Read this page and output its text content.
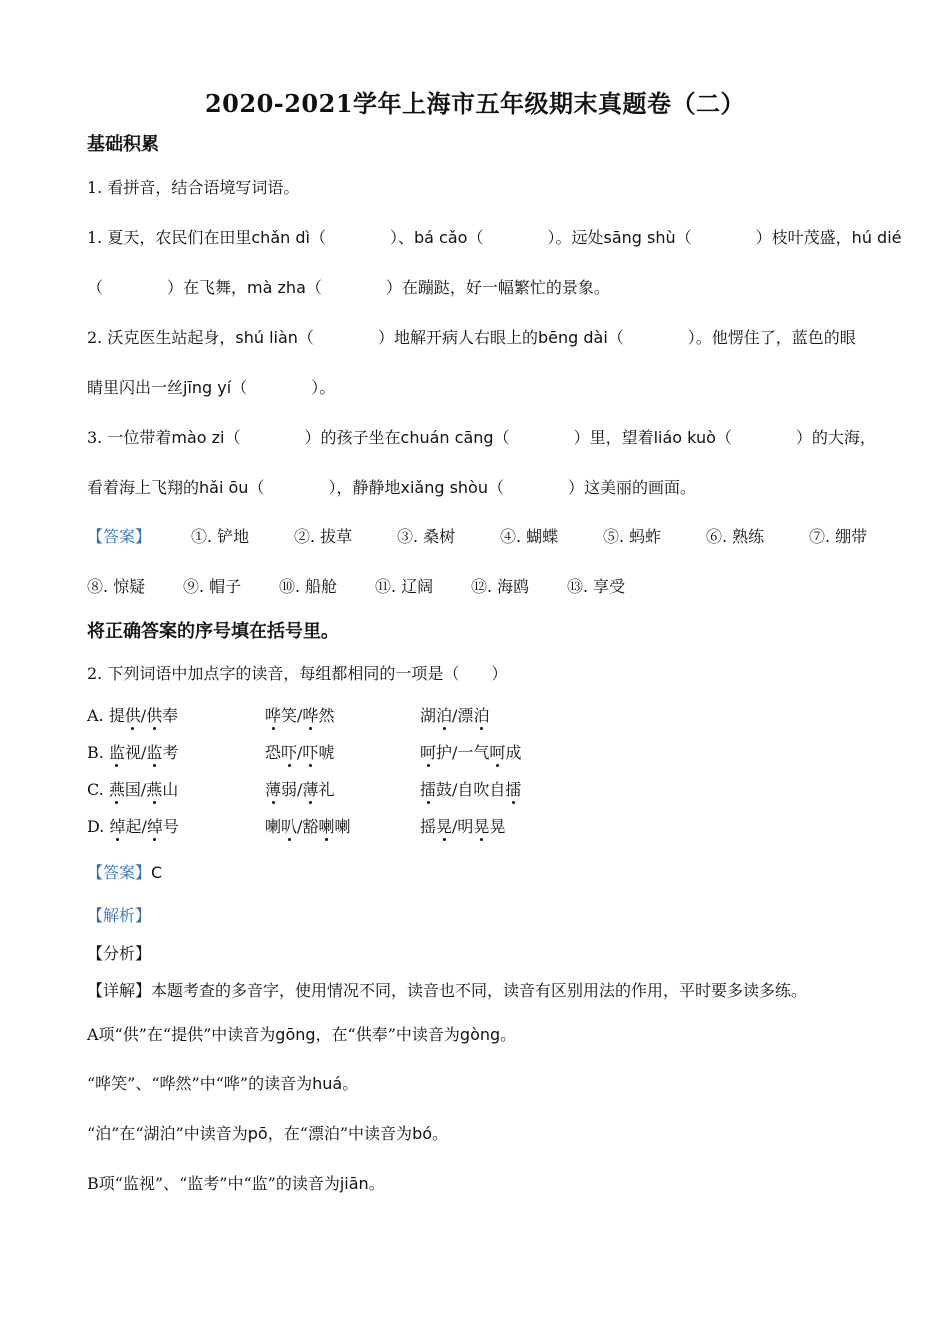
2020-2021学年上海市五年级期末真题卷（二）
基础积累
1. 看拼音，结合语境写词语。
1. 夏天，农民们在田里chǎn dì（	）、bá cǎo（	）。远处sāng shù（	）枝叶茂盛，hú dié
（	）在飞舞，mà zha（	）在蹦跶，好一幅繁忙的景象。
2. 沃克医生站起身，shú liàn（	）地解开病人右眼上的bēng dài（	）。他愣住了，蓝色的眼
睛里闪出一丝jīng yí（	）。
3. 一位带着mào zi（	）的孩子坐在chuán cāng（	）里，望着liáo kuò（	）的大海，
看着海上飞翔的hǎi ōu（	），静静地xiǎng shòu（	）这美丽的画面。
【答案】 ①. 铲地	②. 拔草	③. 桑树	④. 蝴蝶	⑤. 蚂蚱	⑥. 熟练	⑦. 绷带
⑧. 惊疑 ⑨. 帽子 ⑩. 船舱 ⑪. 辽阔 ⑫. 海鸥 ⑬. 享受
将正确答案的序号填在括号里。
2. 下列词语中加点字的读音，每组都相同的一项是（　　）
A. 提供/供奉	哗笑/哗然	湖泊/漂泊
B. 监视/监考	恐吓/吓唬	呵护/一气呵成
C. 燕国/燕山	薄弱/薄礼	擂鼓/自吹自擂
D. 绰起/绰号	喇叭/豁喇喇	摇晃/明晃晃
【答案】C
【解析】
【分析】
【详解】本题考查的多音字，使用情况不同，读音也不同，读音有区别用法的作用，平时要多读多练。
A项“供”在“提供”中读音为gōng，在“供奉”中读音为gòng。
“哗笑”、“哗然”中“哗”的读音为huá。
“泊”在“湖泊”中读音为pō，在“漂泊”中读音为bó。
B项“监视”、“监考”中“监”的读音为jiān。
